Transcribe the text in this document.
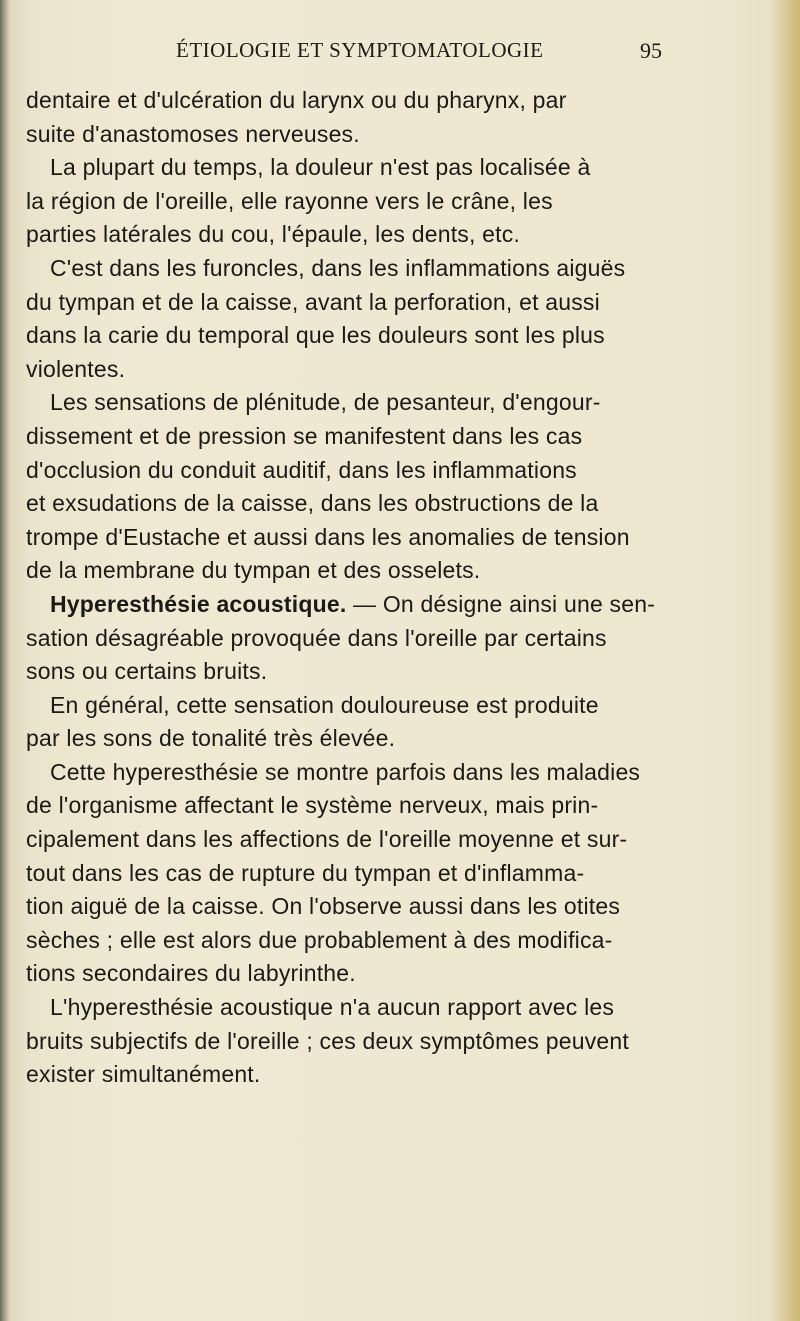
ÉTIOLOGIE ET SYMPTOMATOLOGIE	95
dentaire et d'ulcération du larynx ou du pharynx, par
suite d'anastomoses nerveuses.
La plupart du temps, la douleur n'est pas localisée à
la région de l'oreille, elle rayonne vers le crâne, les
parties latérales du cou, l'épaule, les dents, etc.
C'est dans les furoncles, dans les inflammations aiguës
du tympan et de la caisse, avant la perforation, et aussi
dans la carie du temporal que les douleurs sont les plus
violentes.
Les sensations de plénitude, de pesanteur, d'engour-
dissement et de pression se manifestent dans les cas
d'occlusion du conduit auditif, dans les inflammations
et exsudations de la caisse, dans les obstructions de la
trompe d'Eustache et aussi dans les anomalies de tension
de la membrane du tympan et des osselets.
Hyperesthésie acoustique. — On désigne ainsi une sen-
sation désagréable provoquée dans l'oreille par certains
sons ou certains bruits.
En général, cette sensation douloureuse est produite
par les sons de tonalité très élevée.
Cette hyperesthésie se montre parfois dans les maladies
de l'organisme affectant le système nerveux, mais prin-
cipalement dans les affections de l'oreille moyenne et sur-
tout dans les cas de rupture du tympan et d'inflamma-
tion aiguë de la caisse. On l'observe aussi dans les otites
sèches ; elle est alors due probablement à des modifica-
tions secondaires du labyrinthe.
L'hyperesthésie acoustique n'a aucun rapport avec les
bruits subjectifs de l'oreille ; ces deux symptômes peuvent
exister simultanément.
